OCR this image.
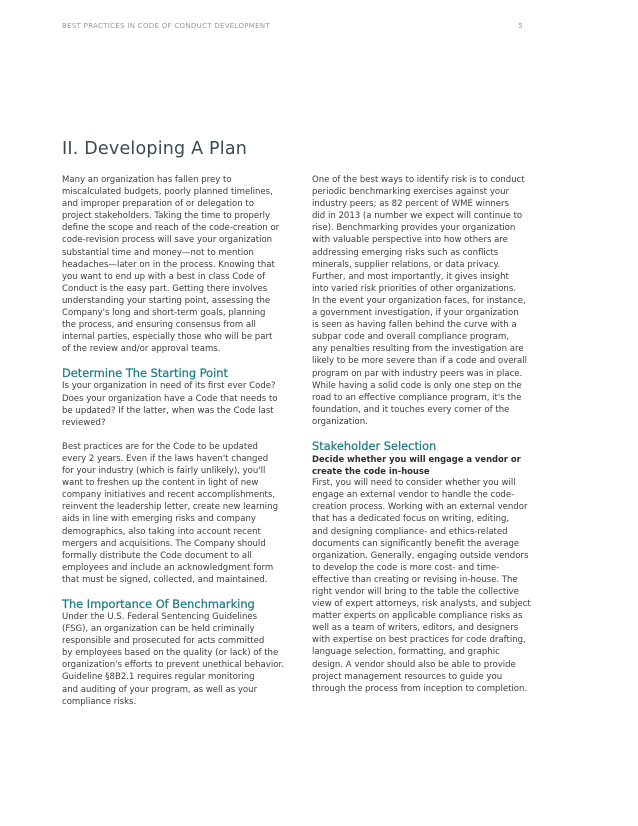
BEST PRACTICES IN CODE OF CONDUCT DEVELOPMENT	5
II. Developing A Plan

Many an organization has fallen prey to
miscalculated budgets, poorly planned timelines,
and improper preparation of or delegation to
project stakeholders. Taking the time to properly
define the scope and reach of the code-creation or
code-revision process will save your organization
substantial time and money—not to mention
headaches—later on in the process. Knowing that
you want to end up with a best in class Code of
Conduct is the easy part. Getting there involves
understanding your starting point, assessing the
Company's long and short-term goals, planning
the process, and ensuring consensus from all
internal parties, especially those who will be part
of the review and/or approval teams.

Determine The Starting Point

Is your organization in need of its first ever Code?
Does your organization have a Code that needs to
be updated? If the latter, when was the Code last
reviewed?

Best practices are for the Code to be updated
every 2 years. Even if the laws haven't changed
for your industry (which is fairly unlikely), you'll
want to freshen up the content in light of new
company initiatives and recent accomplishments,
reinvent the leadership letter, create new learning
aids in line with emerging risks and company
demographics, also taking into account recent
mergers and acquisitions. The Company should
formally distribute the Code document to all
employees and include an acknowledgment form
that must be signed, collected, and maintained.

The Importance Of Benchmarking

Under the U.S. Federal Sentencing Guidelines
(FSG), an organization can be held criminally
responsible and prosecuted for acts committed
by employees based on the quality (or lack) of the
organization's efforts to prevent unethical behavior.
Guideline §8B2.1 requires regular monitoring
and auditing of your program, as well as your
compliance risks.

One of the best ways to identify risk is to conduct
periodic benchmarking exercises against your
industry peers; as 82 percent of WME winners
did in 2013 (a number we expect will continue to
rise). Benchmarking provides your organization
with valuable perspective into how others are
addressing emerging risks such as conflicts
minerals, supplier relations, or data privacy.
Further, and most importantly, it gives insight
into varied risk priorities of other organizations.
In the event your organization faces, for instance,
a government investigation, if your organization
is seen as having fallen behind the curve with a
subpar code and overall compliance program,
any penalties resulting from the investigation are
likely to be more severe than if a code and overall
program on par with industry peers was in place.
While having a solid code is only one step on the
road to an effective compliance program, it's the
foundation, and it touches every corner of the
organization.

Stakeholder Selection

Decide whether you will engage a vendor or
create the code in-house

First, you will need to consider whether you will
engage an external vendor to handle the code-
creation process. Working with an external vendor
that has a dedicated focus on writing, editing,
and designing compliance- and ethics-related
documents can significantly benefit the average
organization. Generally, engaging outside vendors
to develop the code is more cost- and time-
effective than creating or revising in-house. The
right vendor will bring to the table the collective
view of expert attorneys, risk analysts, and subject
matter experts on applicable compliance risks as
well as a team of writers, editors, and designers
with expertise on best practices for code drafting,
language selection, formatting, and graphic
design. A vendor should also be able to provide
project management resources to guide you
through the process from inception to completion.
